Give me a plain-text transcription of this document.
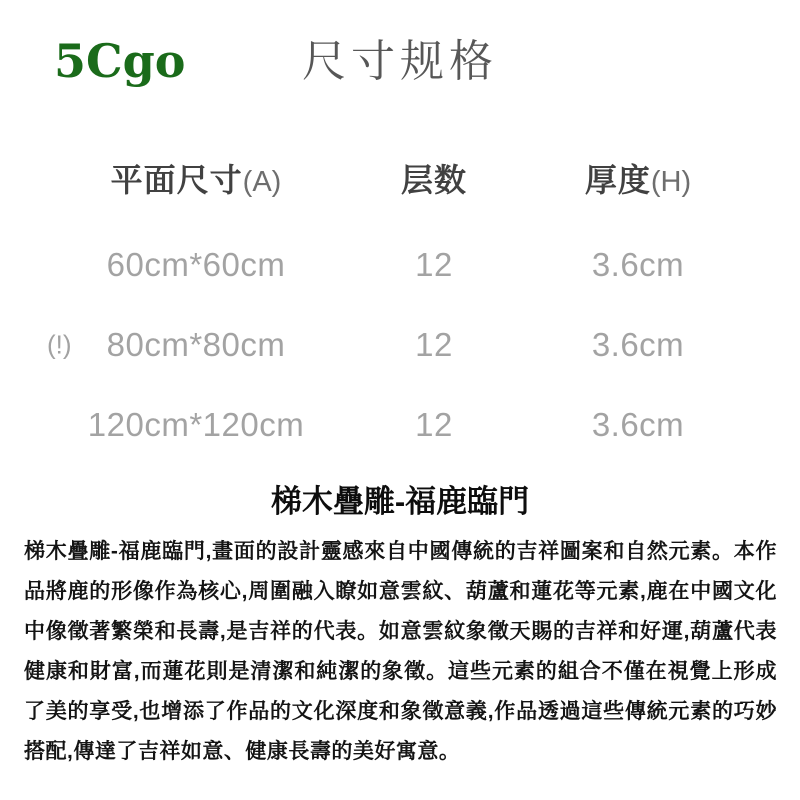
5Cgo	尺寸规格
平面尺寸(A)	层数	厚度(H)
60cm*60cm	12	3.6cm
(!)	80cm*80cm	12	3.6cm
120cm*120cm	12	3.6cm
梯木疊雕-福鹿臨門

梯木疊雕-福鹿臨門,畫面的設計靈感來自中國傳統的吉祥圖案和自然元素。本作品將鹿的形像作為核心,周圍融入瞭如意雲紋、葫蘆和蓮花等元素,鹿在中國文化中像徵著繁榮和長壽,是吉祥的代表。如意雲紋象徵天賜的吉祥和好運,葫蘆代表健康和財富,而蓮花則是清潔和純潔的象徵。這些元素的組合不僅在視覺上形成了美的享受,也增添了作品的文化深度和象徵意義,作品透過這些傳統元素的巧妙搭配,傳達了吉祥如意、健康長壽的美好寓意。
